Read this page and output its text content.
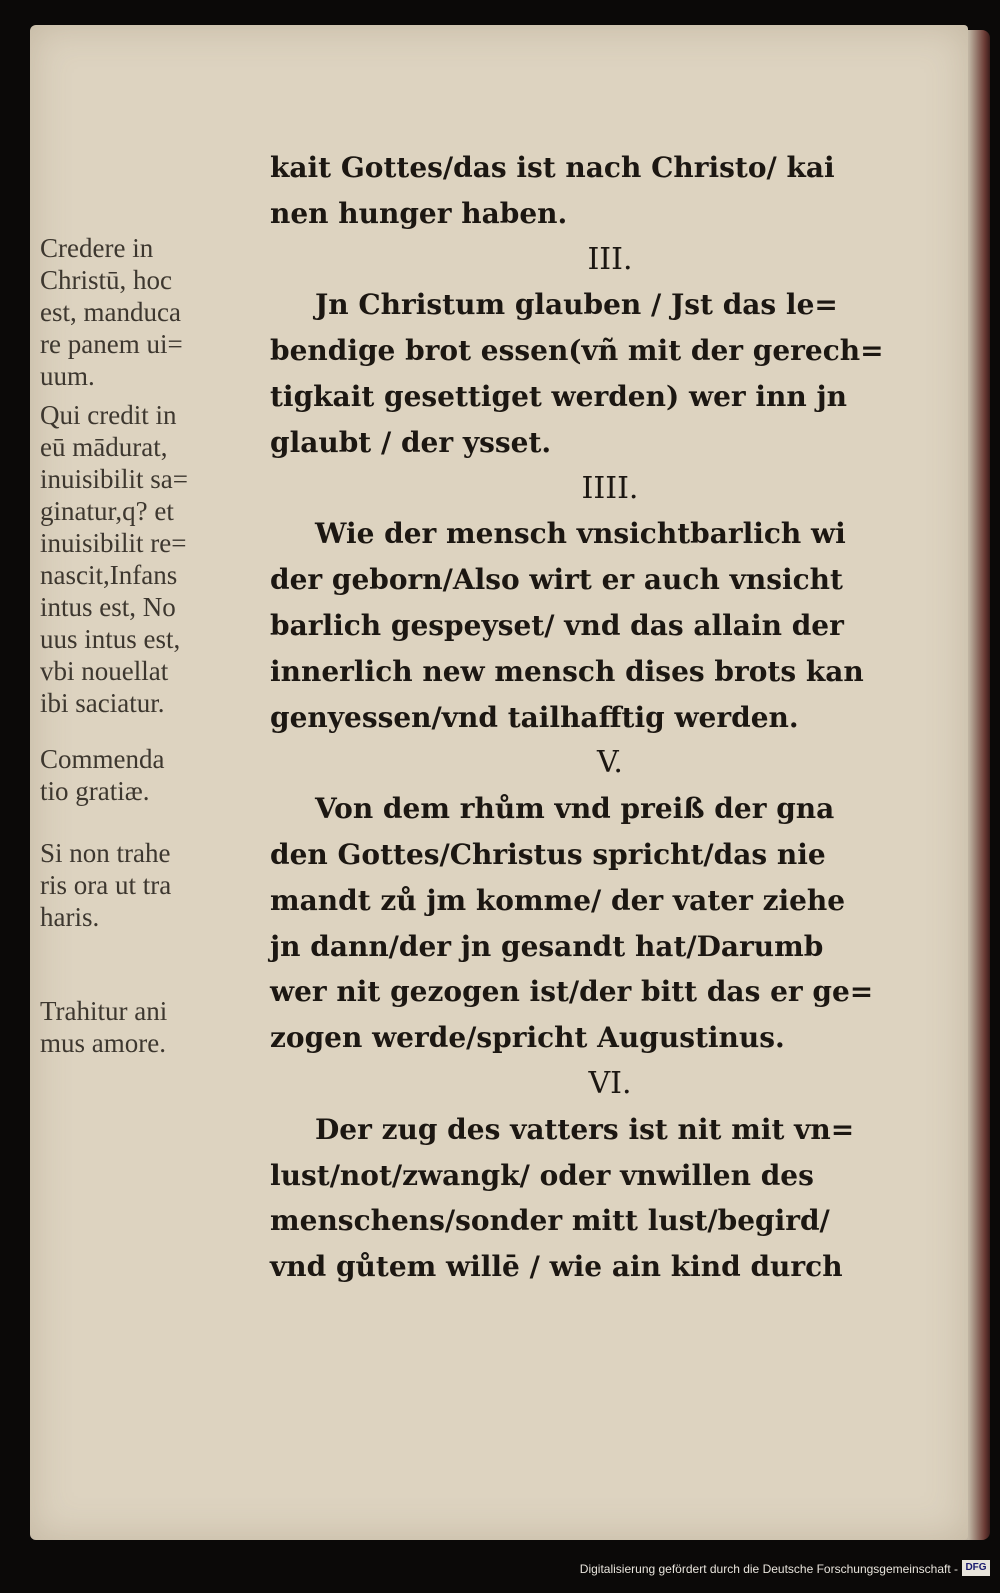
kait Gottes/das ist nach Christo/ kai
nen hunger haben.
III.
Jn Christum glauben / Jst das le=
bendige brot essen(vñ mit der gerech=
tigkait gesettiget werden) wer inn jn
glaubt / der ysset.
IIII.
Wie der mensch vnsichtbarlich wi
der geborn/Also wirt er auch vnsicht
barlich gespeyset/ vnd das allain der
innerlich new mensch dises brots kan
genyessen/vnd tailhafftig werden.
V.
Von dem rhům vnd preiß der gna
den Gottes/Christus spricht/das nie
mandt zů jm komme/ der vater ziehe
jn dann/der jn gesandt hat/Darumb
wer nit gezogen ist/der bitt das er ge=
zogen werde/spricht Augustinus.
VI.
Der zug des vatters ist nit mit vn=
lust/not/zwangk/ oder vnwillen des
menschens/sonder mitt lust/begird/
vnd gůtem willē / wie ain kind durch
Credere in
Christū, hoc
est, manduca
re panem ui=
uum.
Qui credit in
eū mādurat,
inuisibilit sa=
ginatur,q? et
inuisibilit re=
nascit,Infans
intus est, No
uus intus est,
vbi nouellat
ibi saciatur.
Commenda
tio gratiæ.
Si non trahe
ris ora ut tra
haris.
Trahitur ani
mus amore.
Digitalisierung gefördert durch die Deutsche Forschungsgemeinschaft - DFG
